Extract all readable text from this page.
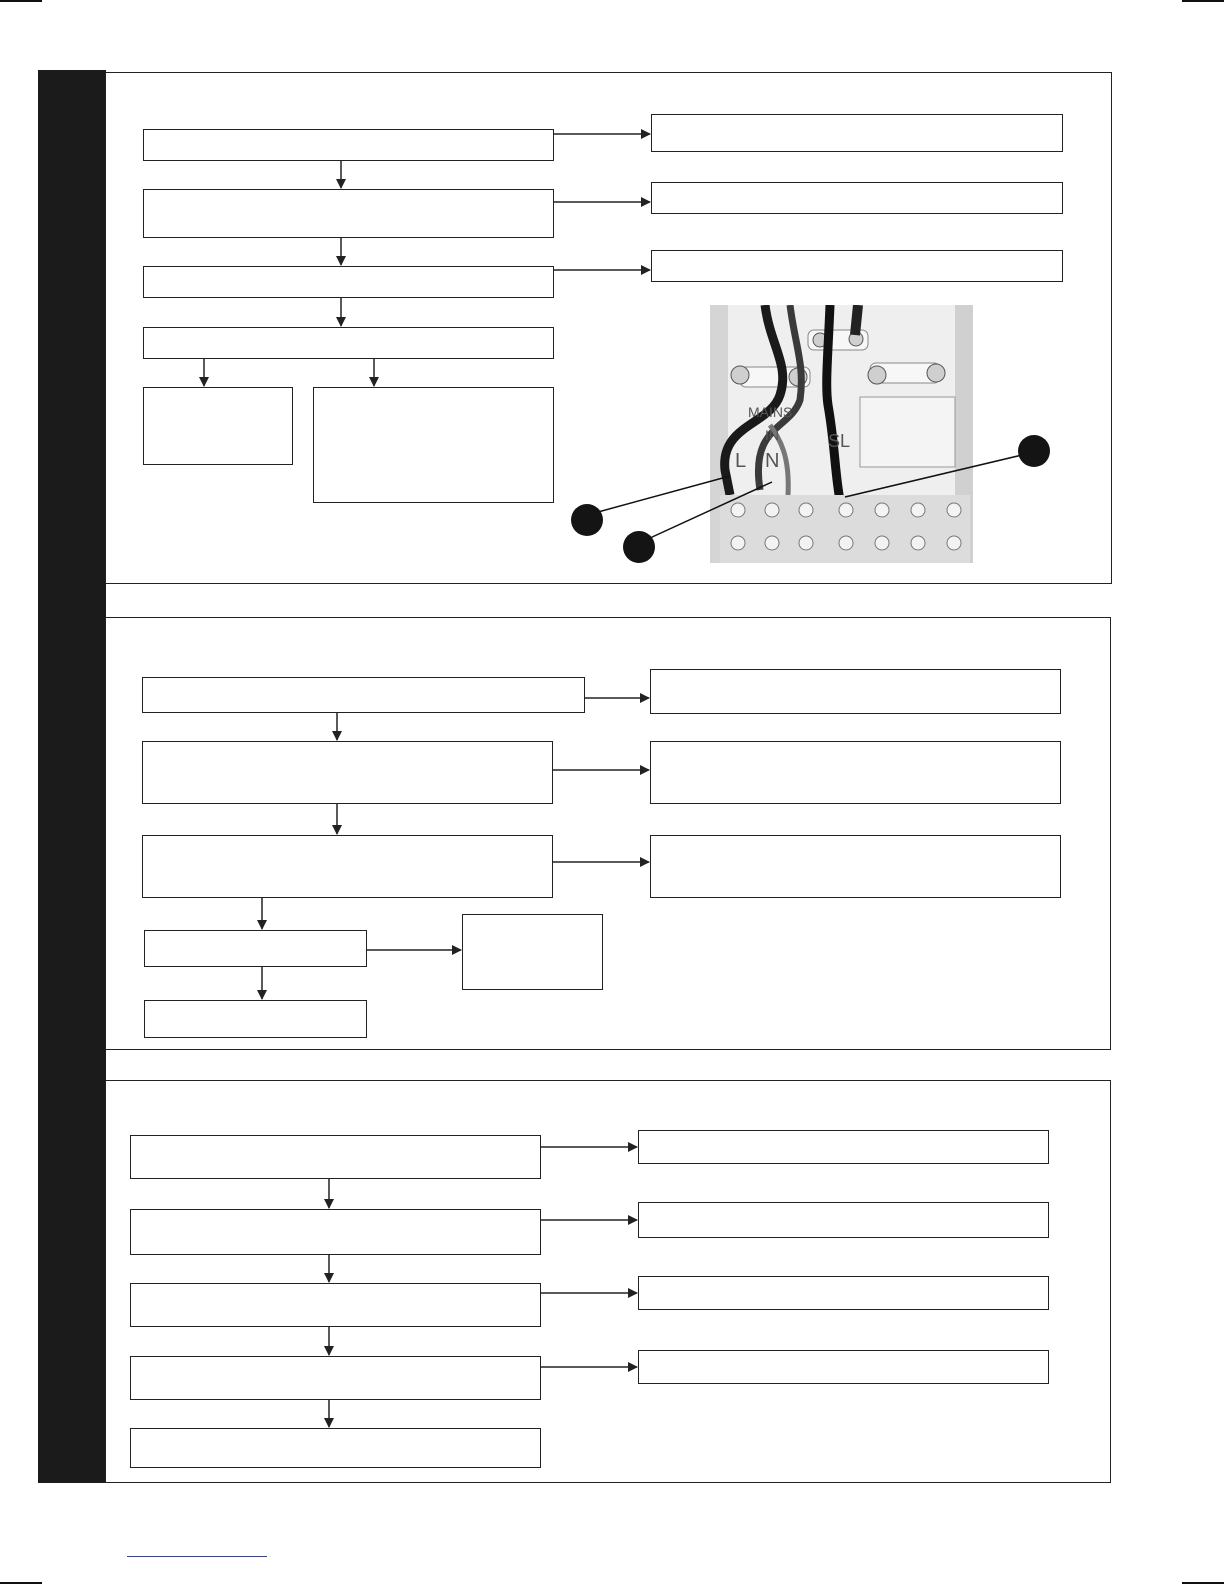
MAINS
IN
L N
SL
